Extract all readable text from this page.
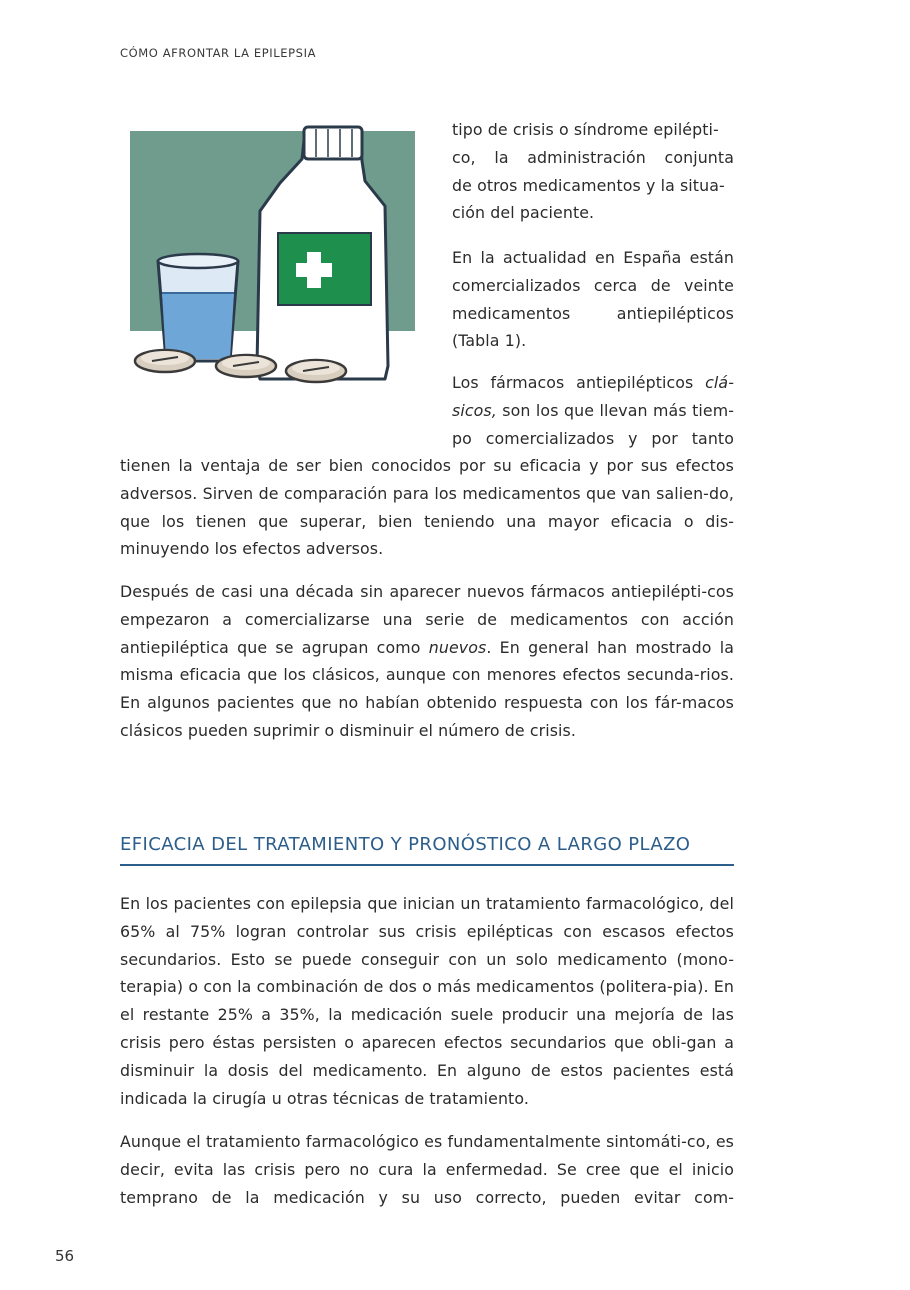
CÓMO AFRONTAR LA EPILEPSIA
tipo de crisis o síndrome epilépti-
co, la administración conjunta
de otros medicamentos y la situa-
ción del paciente.
En la actualidad en España están
comercializados cerca de veinte
medicamentos antiepilépticos
(Tabla 1).
Los fármacos antiepilépticos clá-
sicos, son los que llevan más tiem-
po comercializados y por tanto

tienen la ventaja de ser bien conocidos por su eficacia y por sus efectos adversos. Sirven de comparación para los medicamentos que van salien-do, que los tienen que superar, bien teniendo una mayor eficacia o dis-minuyendo los efectos adversos.

Después de casi una década sin aparecer nuevos fármacos antiepilépti-cos empezaron a comercializarse una serie de medicamentos con acción antiepiléptica que se agrupan como nuevos. En general han mostrado la misma eficacia que los clásicos, aunque con menores efectos secunda-rios. En algunos pacientes que no habían obtenido respuesta con los fár-macos clásicos pueden suprimir o disminuir el número de crisis.

EFICACIA DEL TRATAMIENTO Y PRONÓSTICO A LARGO PLAZO

En los pacientes con epilepsia que inician un tratamiento farmacológico, del 65% al 75% logran controlar sus crisis epilépticas con escasos efectos secundarios. Esto se puede conseguir con un solo medicamento (mono-terapia) o con la combinación de dos o más medicamentos (politera-pia). En el restante 25% a 35%, la medicación suele producir una mejoría de las crisis pero éstas persisten o aparecen efectos secundarios que obli-gan a disminuir la dosis del medicamento. En alguno de estos pacientes está indicada la cirugía u otras técnicas de tratamiento.

Aunque el tratamiento farmacológico es fundamentalmente sintomáti-co, es decir, evita las crisis pero no cura la enfermedad. Se cree que el inicio temprano de la medicación y su uso correcto, pueden evitar com-

56
